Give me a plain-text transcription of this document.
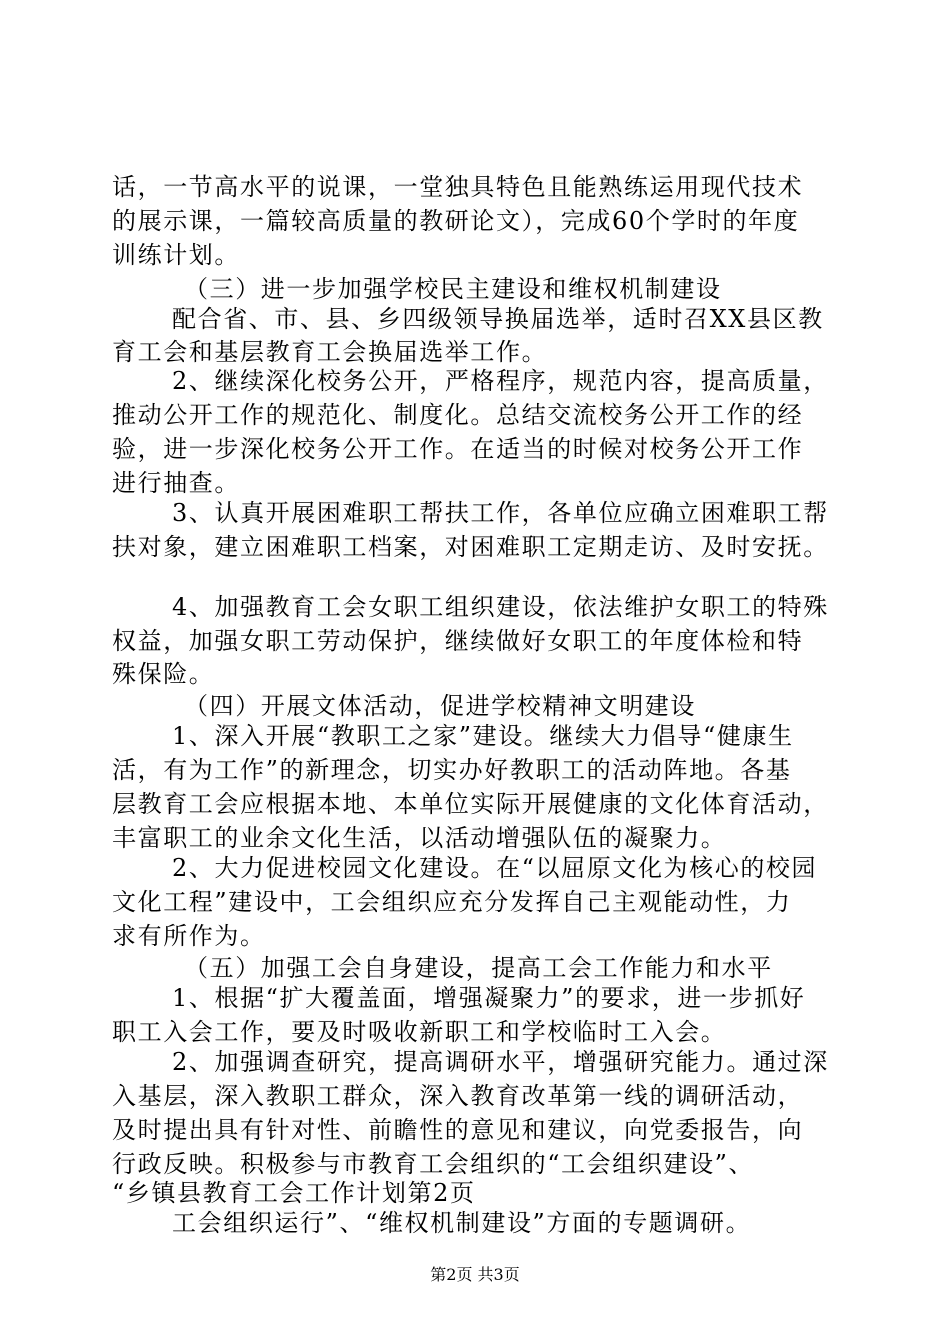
话，一节高水平的说课，一堂独具特色且能熟练运用现代技术
的展示课，一篇较高质量的教研论文），完成60个学时的年度
训练计划。
（三）进一步加强学校民主建设和维权机制建设
配合省、市、县、乡四级领导换届选举，适时召XX县区教
育工会和基层教育工会换届选举工作。
2、继续深化校务公开，严格程序，规范内容，提高质量，
推动公开工作的规范化、制度化。总结交流校务公开工作的经
验，进一步深化校务公开工作。在适当的时候对校务公开工作
进行抽查。
3、认真开展困难职工帮扶工作，各单位应确立困难职工帮
扶对象，建立困难职工档案，对困难职工定期走访、及时安抚。
4、加强教育工会女职工组织建设，依法维护女职工的特殊
权益，加强女职工劳动保护，继续做好女职工的年度体检和特
殊保险。
（四）开展文体活动，促进学校精神文明建设
1、深入开展“教职工之家”建设。继续大力倡导“健康生
活，有为工作”的新理念，切实办好教职工的活动阵地。各基
层教育工会应根据本地、本单位实际开展健康的文化体育活动，
丰富职工的业余文化生活，以活动增强队伍的凝聚力。
2、大力促进校园文化建设。在“以屈原文化为核心的校园
文化工程”建设中，工会组织应充分发挥自己主观能动性，力
求有所作为。
（五）加强工会自身建设，提高工会工作能力和水平
1、根据“扩大覆盖面，增强凝聚力”的要求，进一步抓好
职工入会工作，要及时吸收新职工和学校临时工入会。
2、加强调查研究，提高调研水平，增强研究能力。通过深
入基层，深入教职工群众，深入教育改革第一线的调研活动，
及时提出具有针对性、前瞻性的意见和建议，向党委报告，向
行政反映。积极参与市教育工会组织的“工会组织建设”、
“乡镇县教育工会工作计划第2页
工会组织运行”、“维权机制建设”方面的专题调研。
第2页 共3页
